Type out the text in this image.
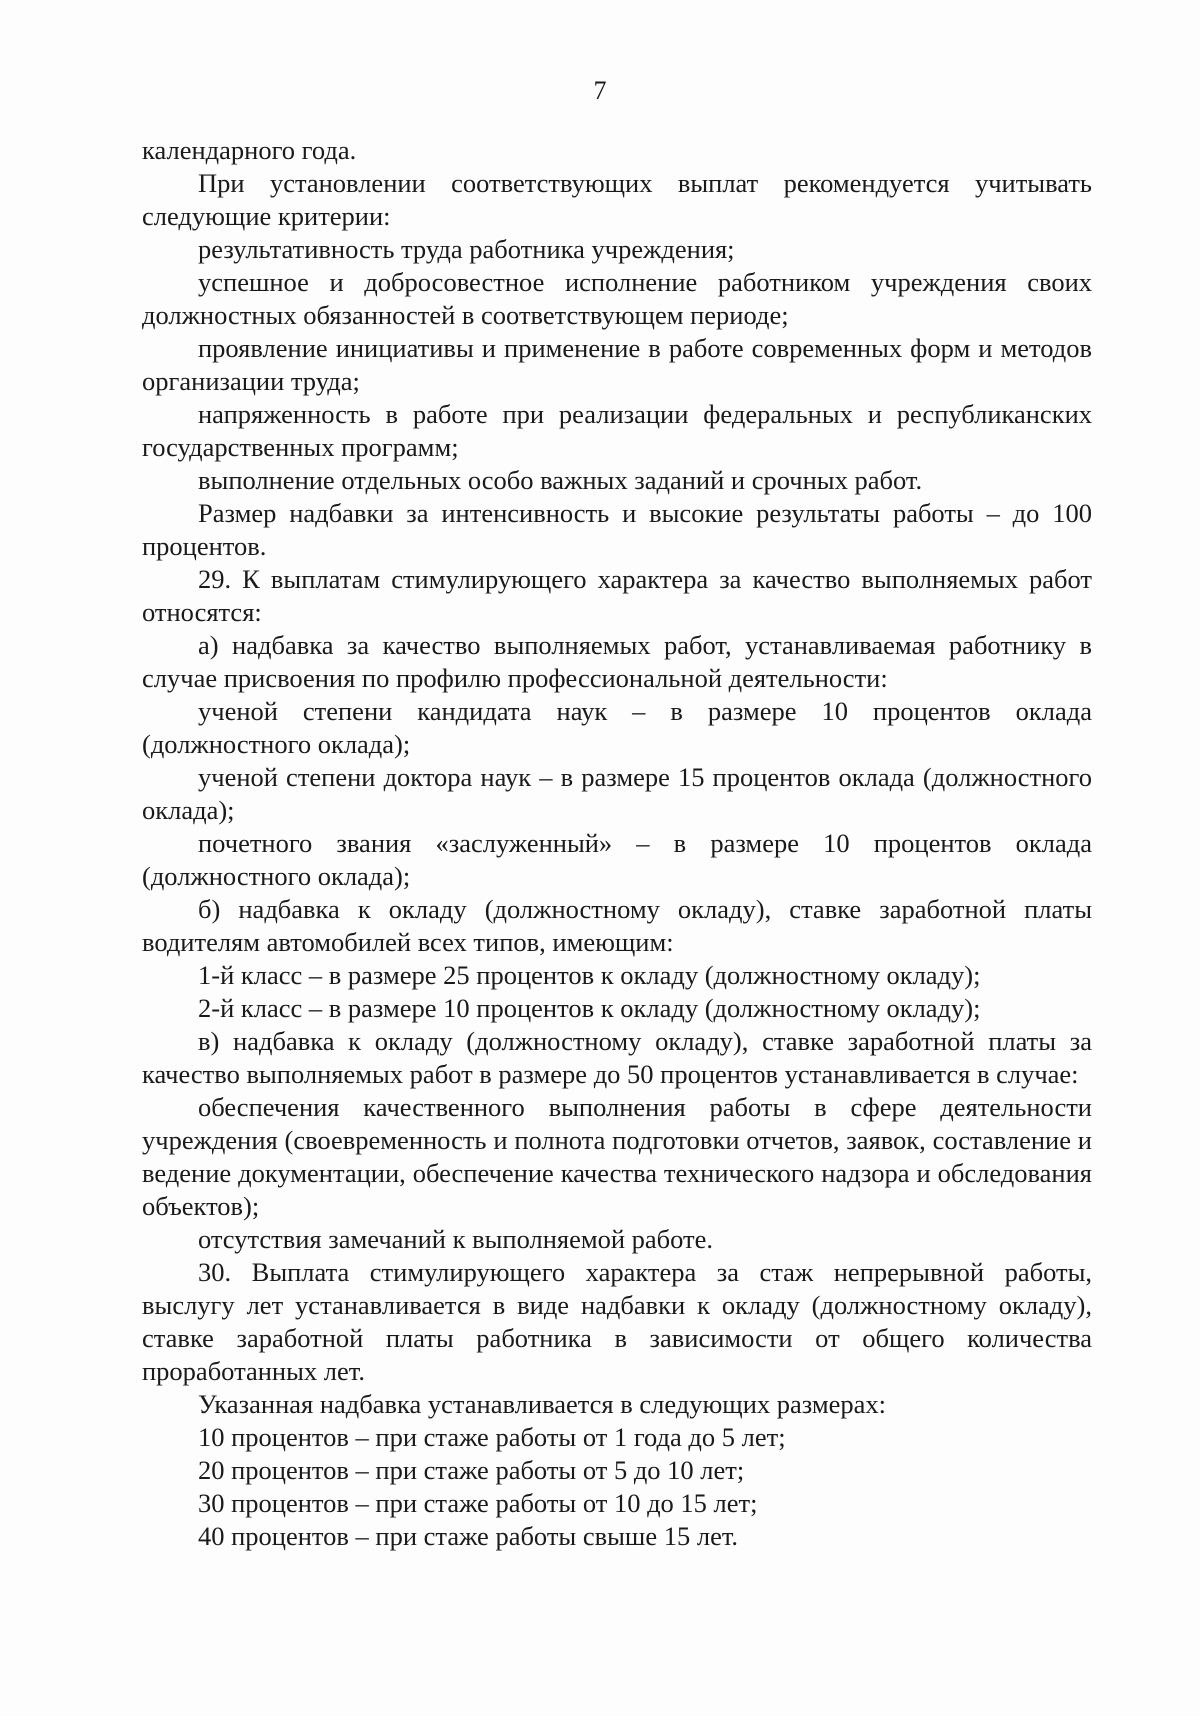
7

календарного года.

При установлении соответствующих выплат рекомендуется учитывать следующие критерии:

результативность труда работника учреждения;

успешное и добросовестное исполнение работником учреждения своих должностных обязанностей в соответствующем периоде;

проявление инициативы и применение в работе современных форм и методов организации труда;

напряженность в работе при реализации федеральных и республиканских государственных программ;

выполнение отдельных особо важных заданий и срочных работ.

Размер надбавки за интенсивность и высокие результаты работы – до 100 процентов.

29. К выплатам стимулирующего характера за качество выполняемых работ относятся:

а) надбавка за качество выполняемых работ, устанавливаемая работнику в случае присвоения по профилю профессиональной деятельности:

ученой степени кандидата наук – в размере 10 процентов оклада (должностного оклада);

ученой степени доктора наук – в размере 15 процентов оклада (должностного оклада);

почетного звания «заслуженный» – в размере 10 процентов оклада (должностного оклада);

б) надбавка к окладу (должностному окладу), ставке заработной платы водителям автомобилей всех типов, имеющим:

1-й класс – в размере 25 процентов к окладу (должностному окладу);

2-й класс – в размере 10 процентов к окладу (должностному окладу);

в) надбавка к окладу (должностному окладу), ставке заработной платы за качество выполняемых работ в размере до 50 процентов устанавливается в случае:

обеспечения качественного выполнения работы в сфере деятельности учреждения (своевременность и полнота подготовки отчетов, заявок, составление и ведение документации, обеспечение качества технического надзора и обследования объектов);

отсутствия замечаний к выполняемой работе.

30. Выплата стимулирующего характера за стаж непрерывной работы, выслугу лет устанавливается в виде надбавки к окладу (должностному окладу), ставке заработной платы работника в зависимости от общего количества проработанных лет.

Указанная надбавка устанавливается в следующих размерах:

10 процентов – при стаже работы от 1 года до 5 лет;

20 процентов – при стаже работы от 5 до 10 лет;

30 процентов – при стаже работы от 10 до 15 лет;

40 процентов – при стаже работы свыше 15 лет.
